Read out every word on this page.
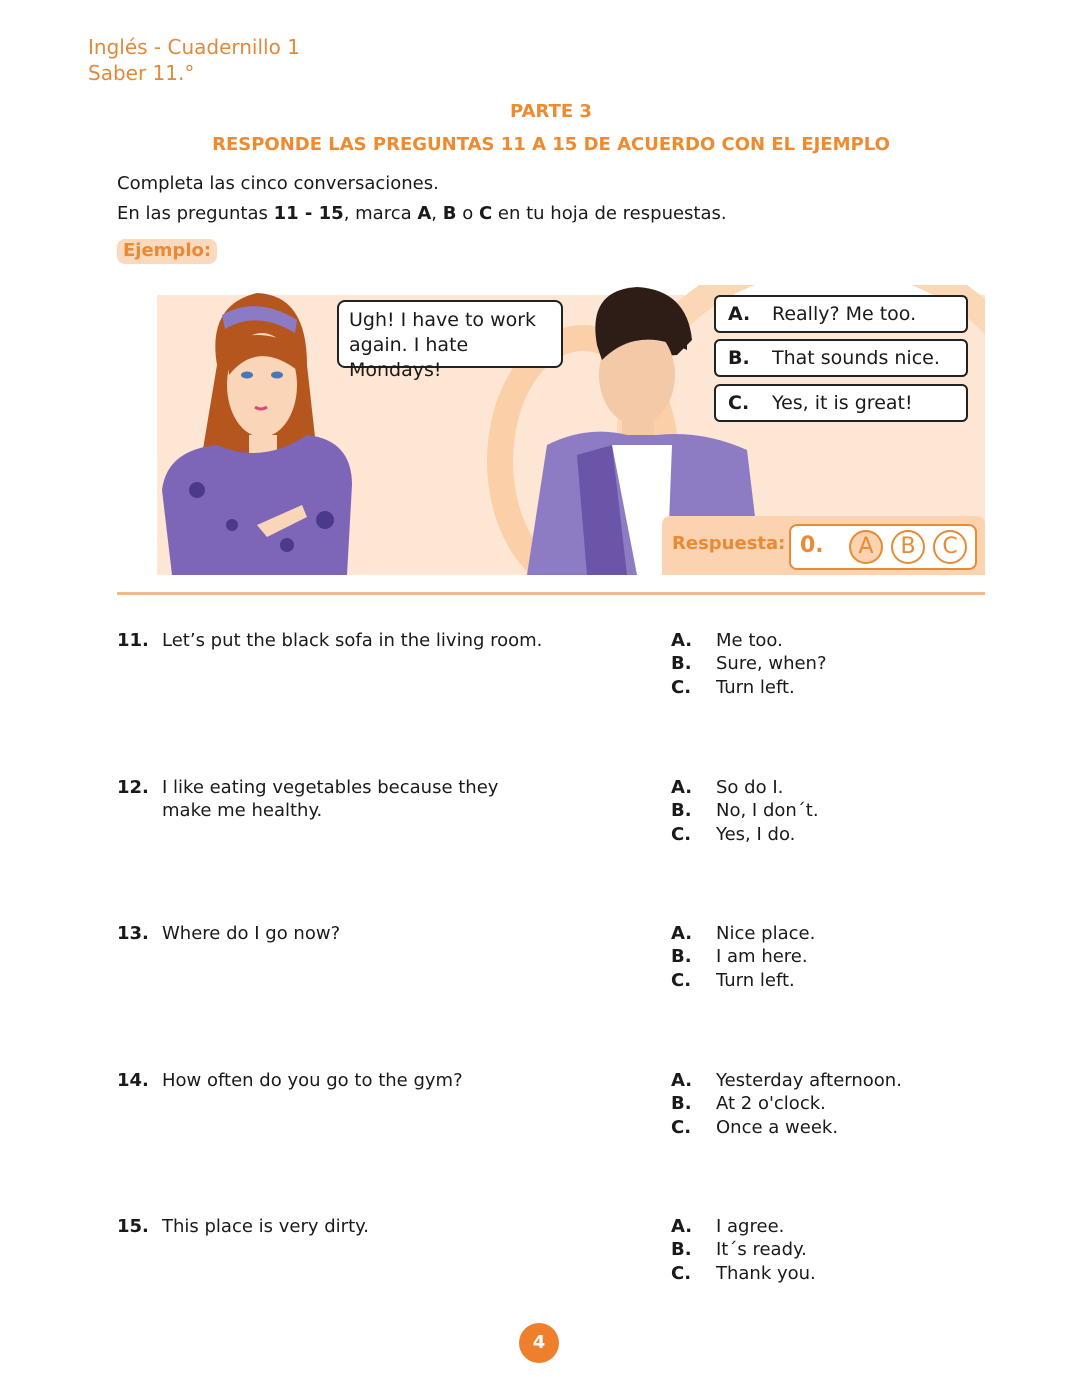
Inglés - Cuadernillo 1
Saber 11.°
PARTE 3
RESPONDE LAS PREGUNTAS 11 A 15 DE ACUERDO CON EL EJEMPLO
Completa las cinco conversaciones.
En las preguntas 11 - 15, marca A, B o C en tu hoja de respuestas.
Ejemplo:
Ugh! I have to work
again. I hate Mondays!
A. Really? Me too.
B. That sounds nice.
C. Yes, it is great!
Respuesta: 0.	A	B	C
11. Let’s put the black sofa in the living room.	A. Me too.
B. Sure, when?
C. Turn left.
12. I like eating vegetables because they make me healthy.
A. So do I.
B. No, I don´t.
C. Yes, I do.
13. Where do I go now?	A. Nice place.
B. I am here.
C. Turn left.
14. How often do you go to the gym?	A. Yesterday afternoon.
B. At 2 o'clock.
C. Once a week.
15. This place is very dirty.	A. I agree.
B. It´s ready.
C. Thank you.
4
